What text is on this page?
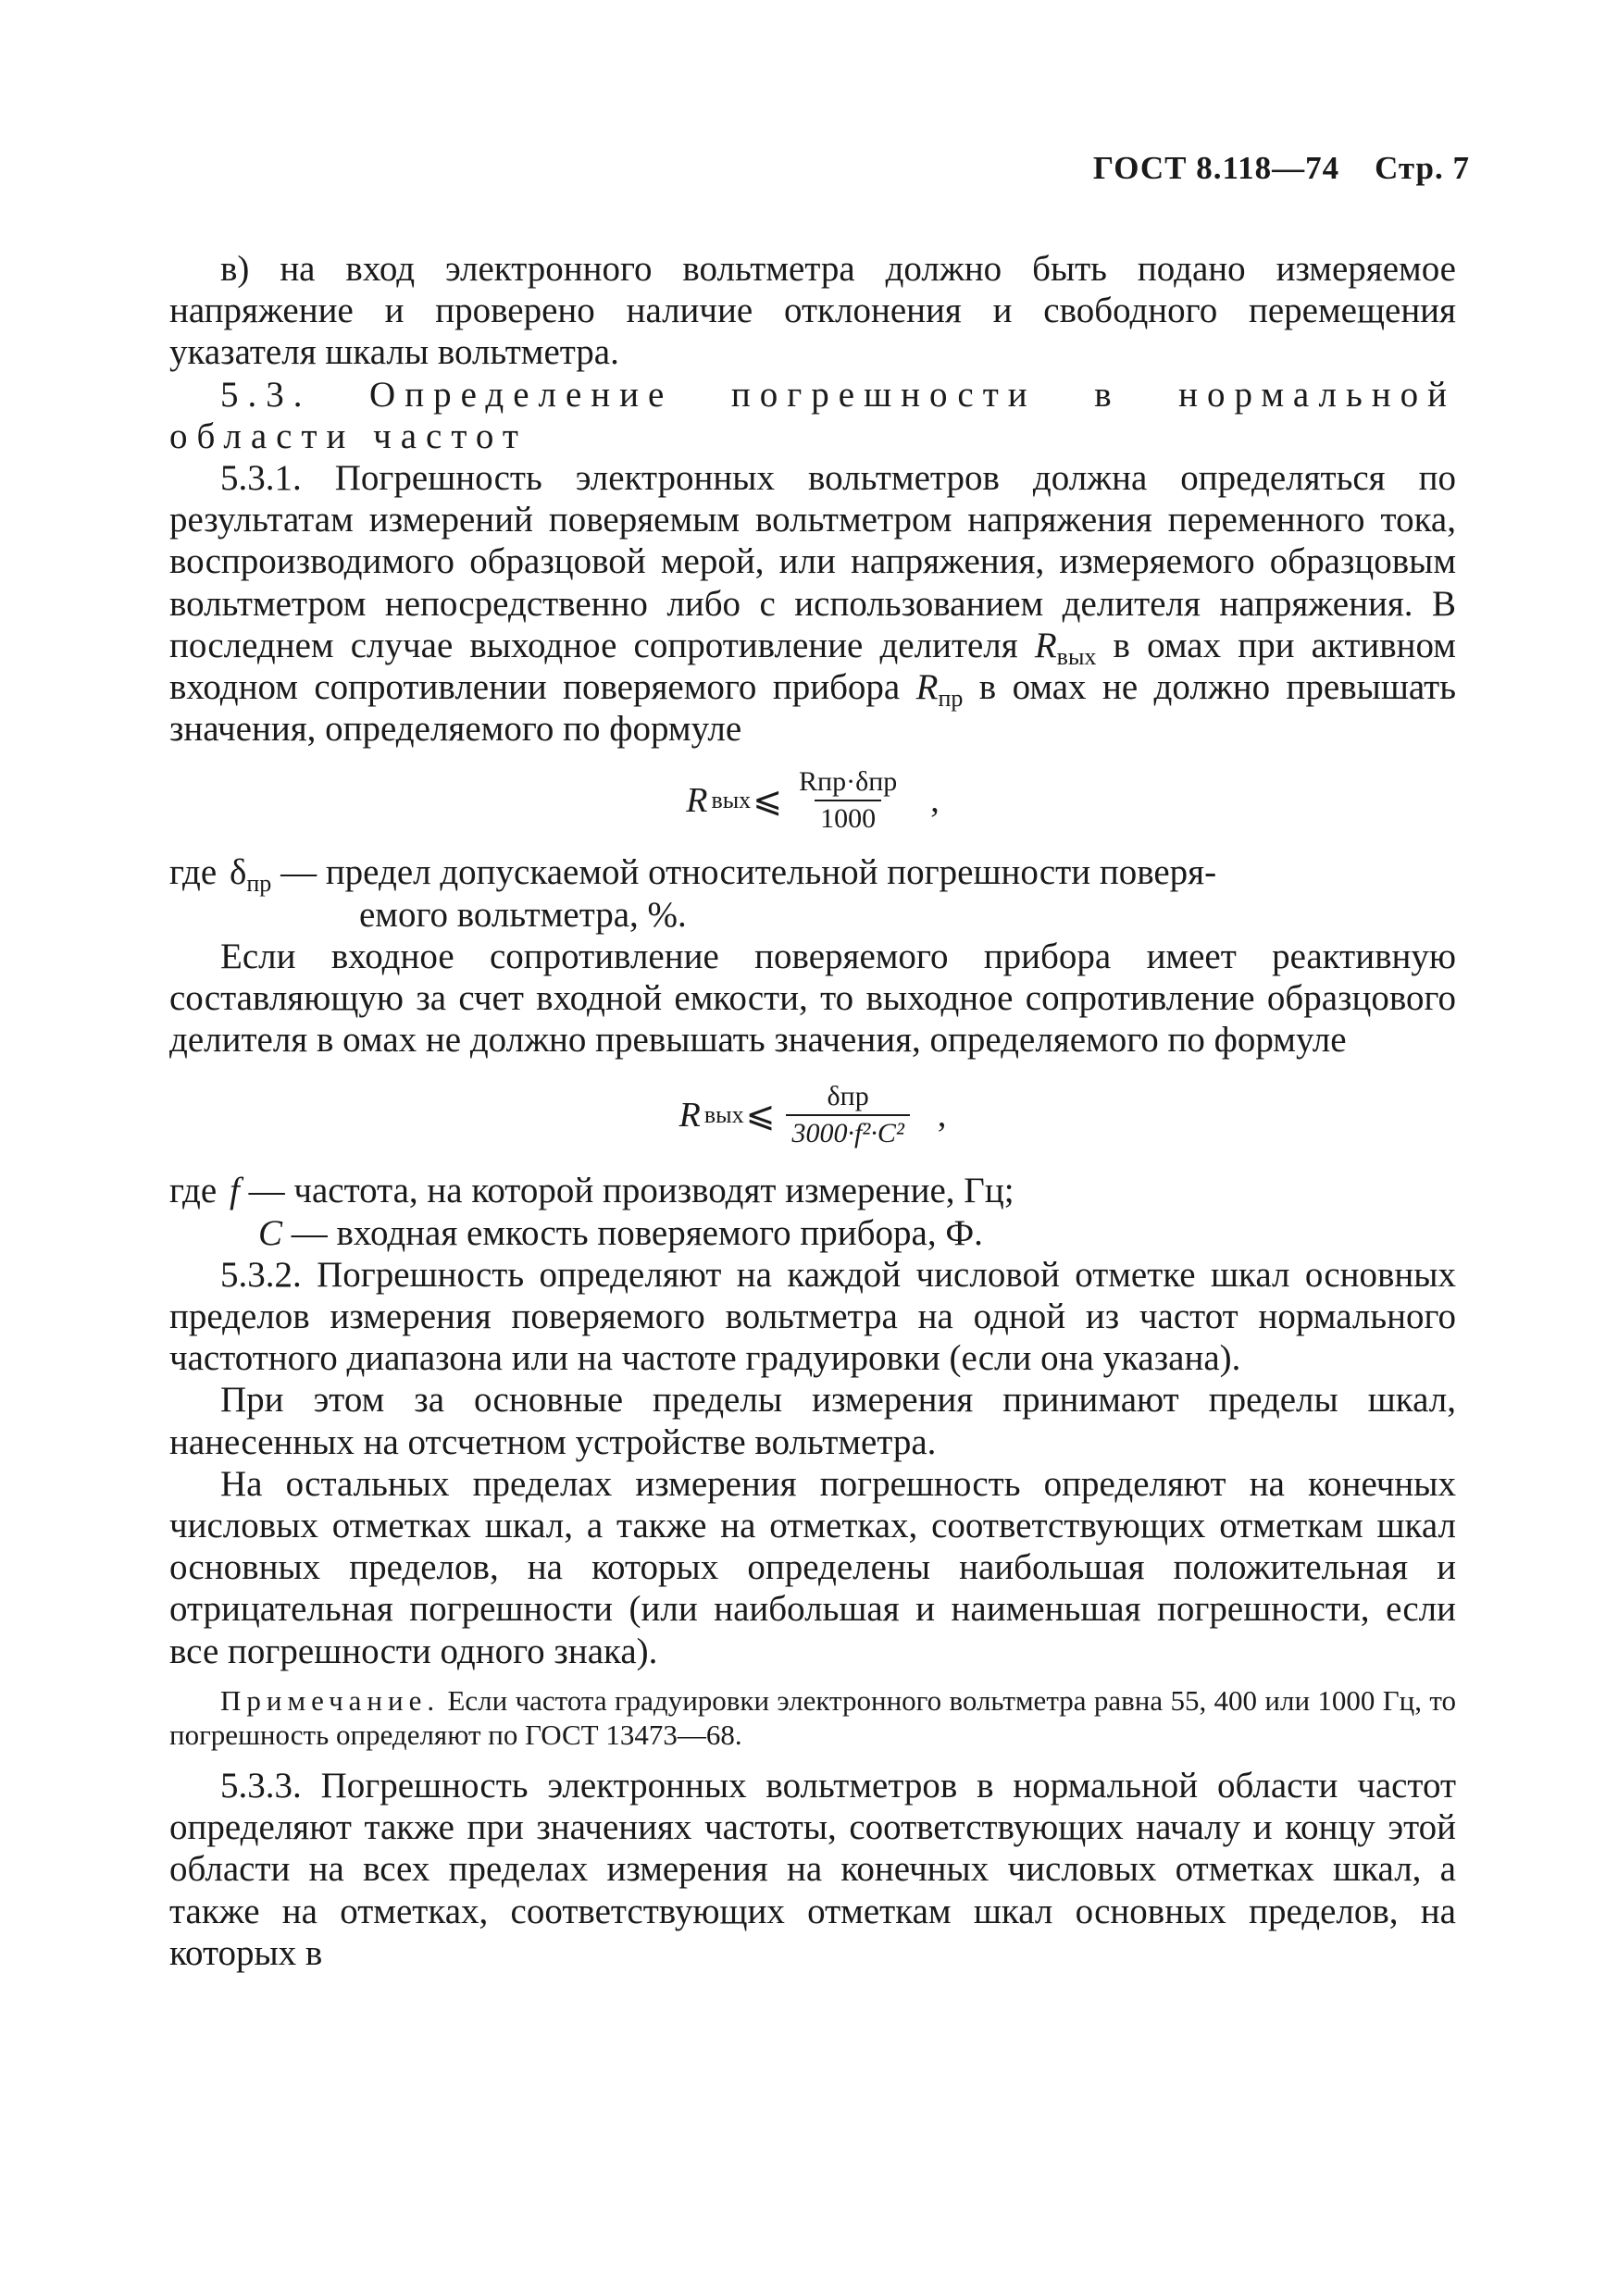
ГОСТ 8.118—74 Стр. 7

в) на вход электронного вольтметра должно быть подано измеряемое напряжение и проверено наличие отклонения и свободного перемещения указателя шкалы вольтметра.

5.3. Определение погрешности в нормальной области частот

5.3.1. Погрешность электронных вольтметров должна определяться по результатам измерений поверяемым вольтметром напряжения переменного тока, воспроизводимого образцовой мерой, или напряжения, измеряемого образцовым вольтметром непосредственно либо с использованием делителя напряжения. В последнем случае выходное сопротивление делителя $R_{вых}$ в омах при активном входном сопротивлении поверяемого прибора $R_{пр}$ в омах не должно превышать значения, определяемого по формуле

R вых ⩽ $\frac{\text{Rпр·δпр}}{1000}$ ,
где $\delta_{пр}$ — предел допускаемой относительной погрешности поверя-
емого вольтметра, %.

Если входное сопротивление поверяемого прибора имеет реактивную составляющую за счет входной емкости, то выходное сопротивление образцового делителя в омах не должно превышать значения, определяемого по формуле

R вых ⩽ $\frac{\text{δпр}}{\text{3000·f²·C²}}$ ,
где f — частота, на которой производят измерение, Гц;
C — входная емкость поверяемого прибора, Ф.

5.3.2. Погрешность определяют на каждой числовой отметке шкал основных пределов измерения поверяемого вольтметра на одной из частот нормального частотного диапазона или на частоте градуировки (если она указана).

При этом за основные пределы измерения принимают пределы шкал, нанесенных на отсчетном устройстве вольтметра.

На остальных пределах измерения погрешность определяют на конечных числовых отметках шкал, а также на отметках, соответствующих отметкам шкал основных пределов, на которых определены наибольшая положительная и отрицательная погрешности (или наибольшая и наименьшая погрешности, если все погрешности одного знака).

Примечание. Если частота градуировки электронного вольтметра равна 55, 400 или 1000 Гц, то погрешность определяют по ГОСТ 13473—68.

5.3.3. Погрешность электронных вольтметров в нормальной области частот определяют также при значениях частоты, соответствующих началу и концу этой области на всех пределах измерения на конечных числовых отметках шкал, а также на отметках, соответствующих отметкам шкал основных пределов, на которых в
